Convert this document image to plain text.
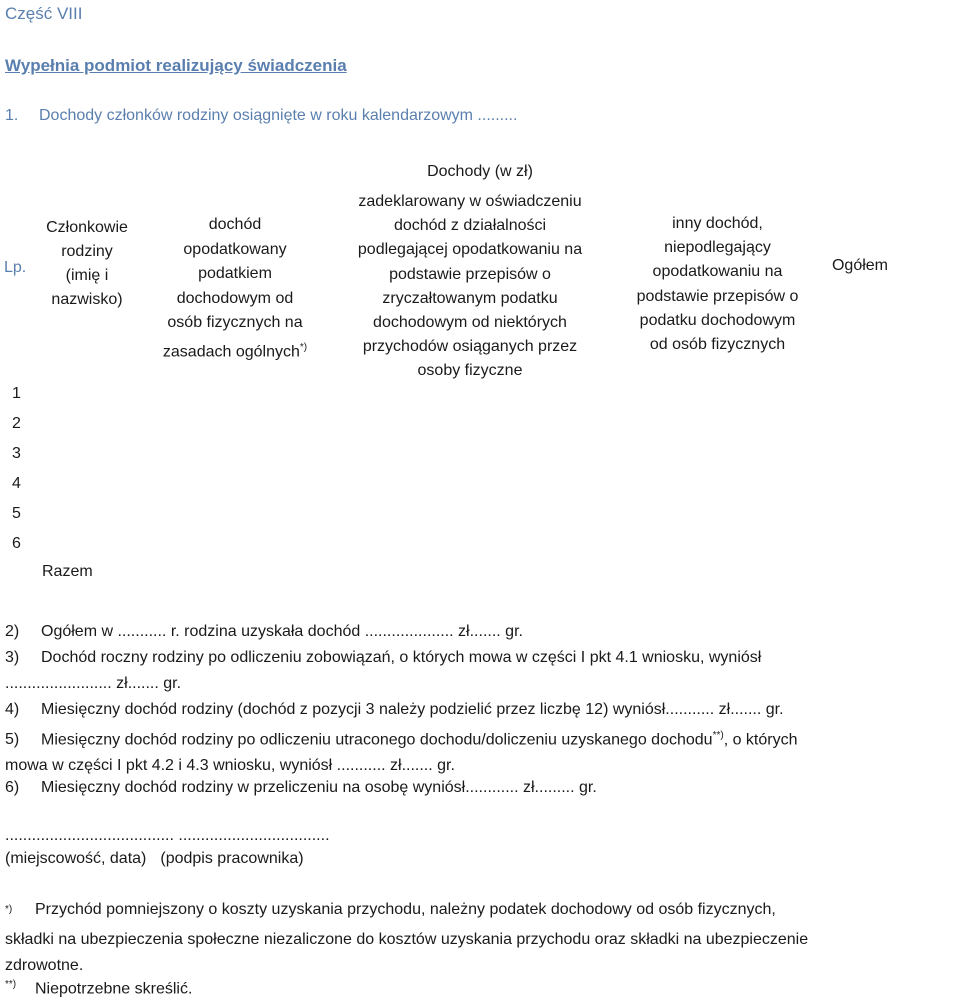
Część VIII
Wypełnia podmiot realizujący świadczenia
1. Dochody członków rodziny osiągnięte w roku kalendarzowym .........
Lp.
Członkowie
rodziny
(imię i
nazwisko)
dochód
opodatkowany
podatkiem
dochodowym od
osób fizycznych na
zasadach ogólnych*)
Dochody (w zł)
zadeklarowany w oświadczeniu
dochód z działalności
podlegającej opodatkowaniu na
podstawie przepisów o
zryczałtowanym podatku
dochodowym od niektórych
przychodów osiąganych przez
osoby fizyczne
inny dochód,
niepodlegający
opodatkowaniu na
podstawie przepisów o
podatku dochodowym
od osób fizycznych
Ogółem
1
2
3
4
5
6
Razem
2) Ogółem w ........... r. rodzina uzyskała dochód .................... zł....... gr.
3) Dochód roczny rodziny po odliczeniu zobowiązań, o których mowa w części I pkt 4.1 wniosku, wyniósł
........................ zł....... gr.
4) Miesięczny dochód rodziny (dochód z pozycji 3 należy podzielić przez liczbę 12) wyniósł........... zł....... gr.
5) Miesięczny dochód rodziny po odliczeniu utraconego dochodu/doliczeniu uzyskanego dochodu**), o których
mowa w części I pkt 4.2 i 4.3 wniosku, wyniósł ........... zł....... gr.
6) Miesięczny dochód rodziny w przeliczeniu na osobę wyniósł............ zł......... gr.
...................................... ..................................
(miejscowość, data) (podpis pracownika)
*) Przychód pomniejszony o koszty uzyskania przychodu, należny podatek dochodowy od osób fizycznych,
składki na ubezpieczenia społeczne niezaliczone do kosztów uzyskania przychodu oraz składki na ubezpieczenie
zdrowotne.
**) Niepotrzebne skreślić.
